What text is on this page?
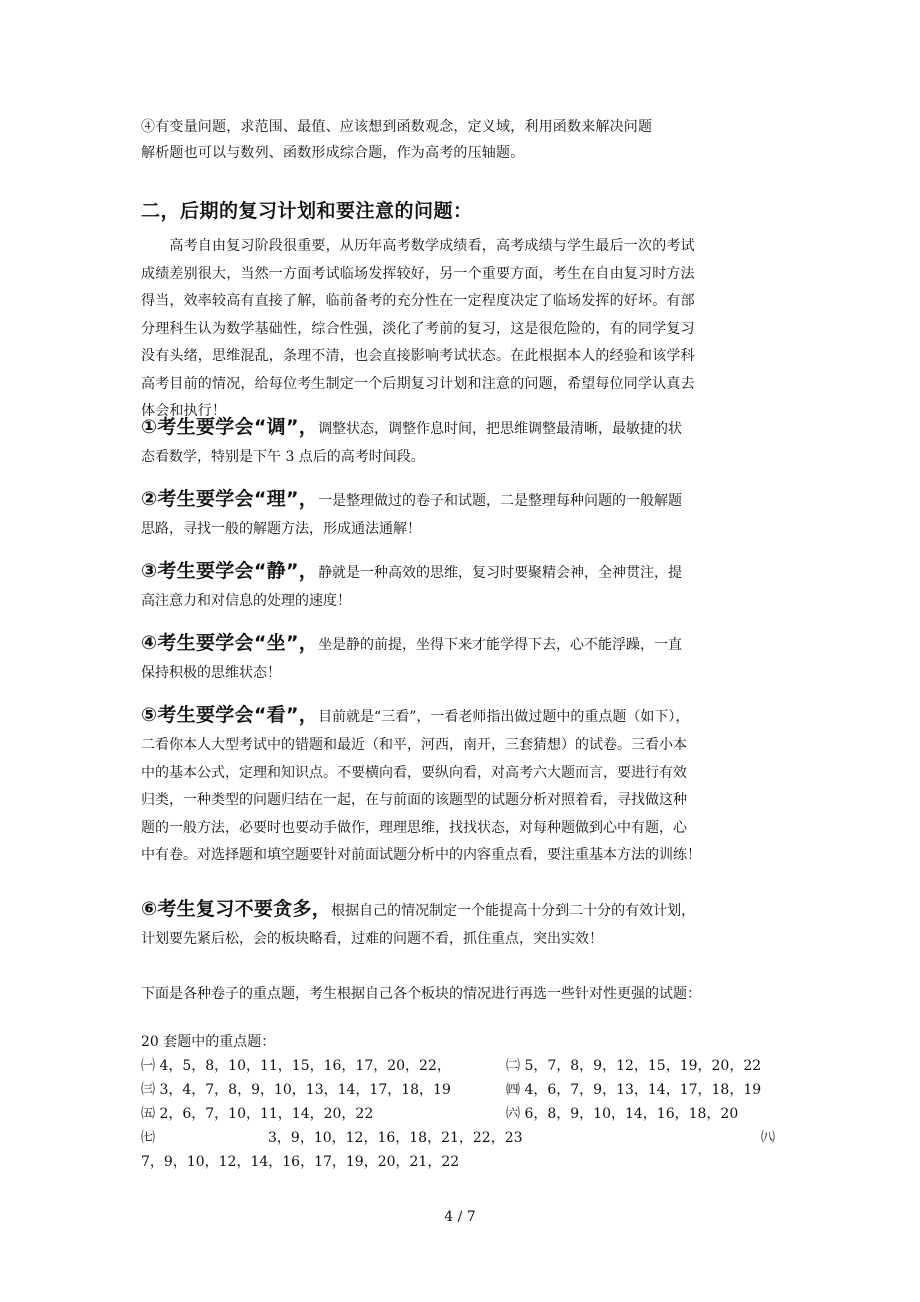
④有变量问题，求范围、最值、应该想到函数观念，定义域，利用函数来解决问题
解析题也可以与数列、函数形成综合题，作为高考的压轴题。
二，后期的复习计划和要注意的问题：
　　高考自由复习阶段很重要，从历年高考数学成绩看，高考成绩与学生最后一次的考试
成绩差别很大，当然一方面考试临场发挥较好，另一个重要方面，考生在自由复习时方法
得当，效率较高有直接了解，临前备考的充分性在一定程度决定了临场发挥的好坏。有部
分理科生认为数学基础性，综合性强，淡化了考前的复习，这是很危险的，有的同学复习
没有头绪，思维混乱，条理不清，也会直接影响考试状态。在此根据本人的经验和该学科
高考目前的情况，给每位考生制定一个后期复习计划和注意的问题，希望每位同学认真去
体会和执行！
①考生要学会“调”，调整状态，调整作息时间，把思维调整最清晰，最敏捷的状
态看数学，特别是下午 3 点后的高考时间段。
②考生要学会“理”，一是整理做过的卷子和试题，二是整理每种问题的一般解题
思路，寻找一般的解题方法，形成通法通解！
③考生要学会“静”，静就是一种高效的思维，复习时要聚精会神，全神贯注，提
高注意力和对信息的处理的速度！
④考生要学会“坐”，坐是静的前提，坐得下来才能学得下去，心不能浮躁，一直
保持积极的思维状态！
⑤考生要学会“看”，目前就是“三看”，一看老师指出做过题中的重点题（如下），
二看你本人大型考试中的错题和最近（和平，河西，南开，三套猜想）的试卷。三看小本
中的基本公式，定理和知识点。不要横向看，要纵向看，对高考六大题而言，要进行有效
归类，一种类型的问题归结在一起，在与前面的该题型的试题分析对照着看，寻找做这种
题的一般方法，必要时也要动手做作，理理思维，找找状态，对每种题做到心中有题，心
中有卷。对选择题和填空题要针对前面试题分析中的内容重点看，要注重基本方法的训练！
⑥考生复习不要贪多，根据自己的情况制定一个能提高十分到二十分的有效计划，
计划要先紧后松，会的板块略看，过难的问题不看，抓住重点，突出实效！
下面是各种卷子的重点题，考生根据自己各个板块的情况进行再选一些针对性更强的试题：
20 套题中的重点题：
㈠ 4，5，8，10，11，15，16，17，20，22，	㈡ 5，7，8，9，12，15，19，20，22
㈢ 3，4，7，8，9，10，13，14，17，18，19	㈣ 4，6，7，9，13，14，17，18，19
㈤ 2，6，7，10，11，14，20，22	㈥ 6，8，9，10，14，16，18，20
㈦	3，9，10，12，16，18，21，22，23	㈧
7，9，10，12，14，16，17，19，20，21，22
4 / 7
